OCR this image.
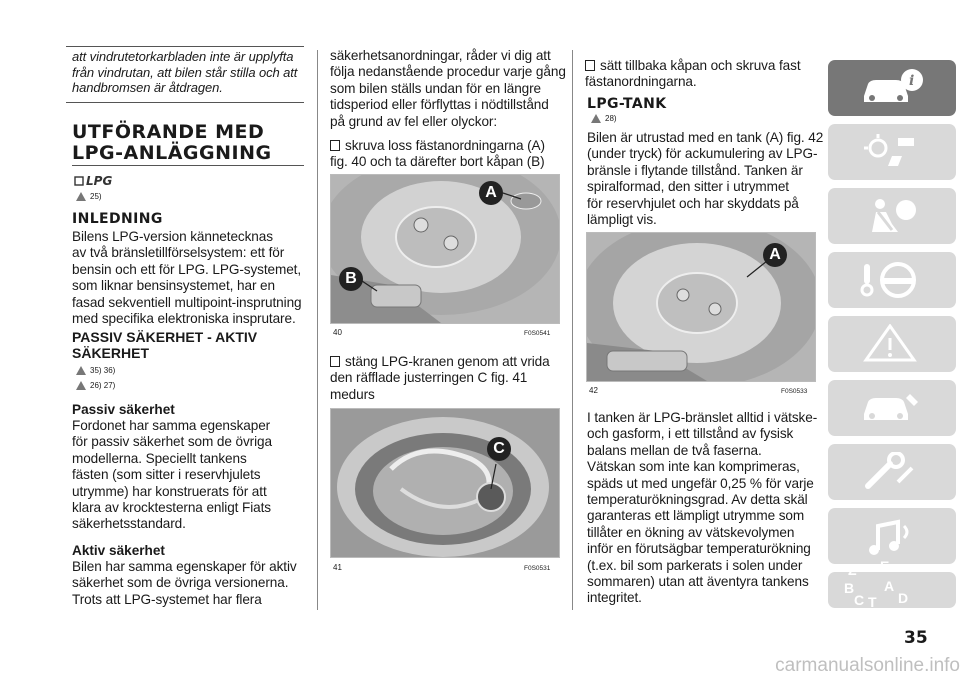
att vindrutetorkarbladen inte är upplyfta
från vindrutan, att bilen står stilla och att
handbromsen är åtdragen.
UTFÖRANDE MED
LPG-ANLÄGGNING
LPG
25)
INLEDNING
Bilens LPG-version kännetecknas
av två bränsletillförselsystem: ett för
bensin och ett för LPG. LPG-systemet,
som liknar bensinsystemet, har en
fasad sekventiell multipoint-insprutning
med specifika elektroniska insprutare.
PASSIV SÄKERHET - AKTIV
SÄKERHET
35) 36)
26) 27)
Passiv säkerhet
Fordonet har samma egenskaper
för passiv säkerhet som de övriga
modellerna. Speciellt tankens
fästen (som sitter i reservhjulets
utrymme) har konstruerats för att
klara av krocktesterna enligt Fiats
säkerhetsstandard.
Aktiv säkerhet
Bilen har samma egenskaper för aktiv
säkerhet som de övriga versionerna.
Trots att LPG-systemet har flera
säkerhetsanordningar, råder vi dig att
följa nedanstående procedur varje gång
som bilen ställs undan för en längre
tidsperiod eller förflyttas i nödtillstånd
på grund av fel eller olyckor:
skruva loss fästanordningarna (A)
fig. 40 och ta därefter bort kåpan (B)
A
B
40	F0S0541
stäng LPG-kranen genom att vrida
den räfflade justerringen C fig. 41
medurs
C
41	F0S0531
sätt tillbaka kåpan och skruva fast
fästanordningarna.
LPG-TANK
28)
Bilen är utrustad med en tank (A) fig. 42
(under tryck) för ackumulering av LPG-
bränsle i flytande tillstånd. Tanken är
spiralformad, den sitter i utrymmet
för reservhjulet och har skyddats på
lämpligt vis.
A
42	F0S0533
I tanken är LPG-bränslet alltid i vätske-
och gasform, i ett tillstånd av fysisk
balans mellan de två faserna.
Vätskan som inte kan komprimeras,
späds ut med ungefär 0,25 % för varje
temperaturökningsgrad. Av detta skäl
garanteras ett lämpligt utrymme som
tillåter en ökning av vätskevolymen
inför en förutsägbar temperaturökning
(t.ex. bil som parkerats i solen under
sommaren) utan att äventyra tankens
integritet.
i
Z E
B A
C T D
35
carmanualsonline.info
